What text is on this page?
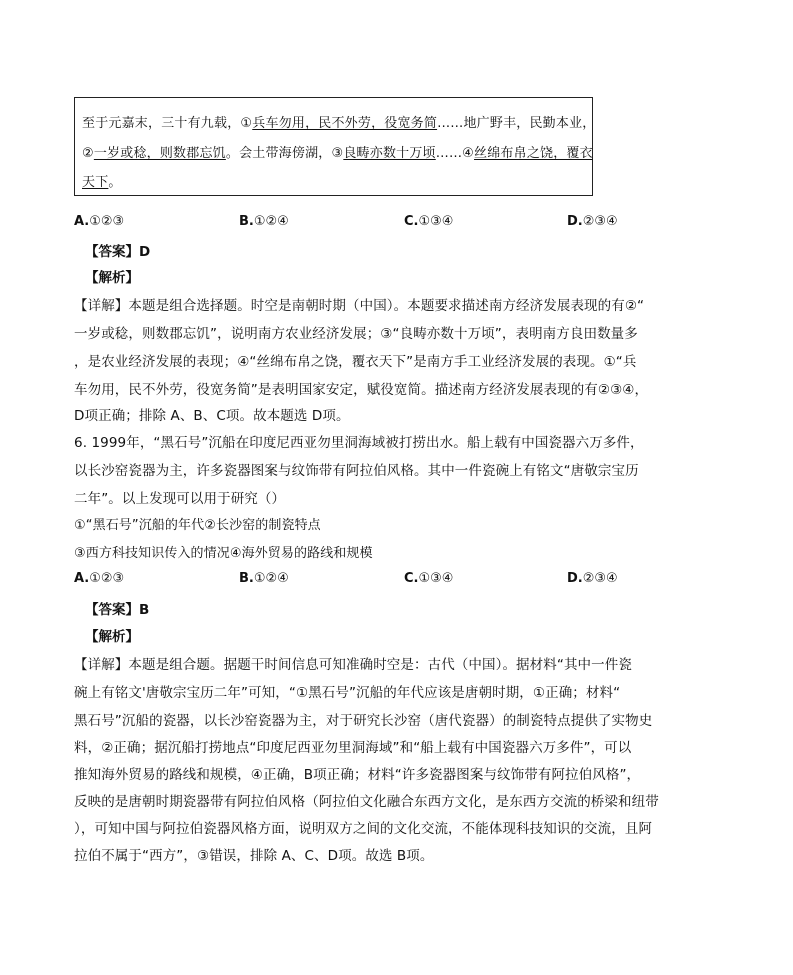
至于元嘉末，三十有九载，①兵车勿用，民不外劳，役宽务简……地广野丰，民勤本业，
②一岁或稔，则数郡忘饥。会土带海傍湖，③良畴亦数十万顷……④丝绵布帛之饶，覆衣
天下。
A.①②③	B.①②④	C.①③④	D.②③④
【答案】D
【解析】
【详解】本题是组合选择题。时空是南朝时期（中国）。本题要求描述南方经济发展表现的有②“
一岁或稔，则数郡忘饥”，说明南方农业经济发展；③“良畴亦数十万顷”，表明南方良田数量多
，是农业经济发展的表现；④“丝绵布帛之饶，覆衣天下”是南方手工业经济发展的表现。①“兵
车勿用，民不外劳，役宽务简”是表明国家安定，赋役宽简。描述南方经济发展表现的有②③④，
D项正确；排除 A、B、C项。故本题选 D项。
6. 1999年，“黑石号”沉船在印度尼西亚勿里洞海域被打捞出水。船上载有中国瓷器六万多件，
以长沙窑瓷器为主，许多瓷器图案与纹饰带有阿拉伯风格。其中一件瓷碗上有铭文“唐敬宗宝历
二年”。以上发现可以用于研究（）
①“黑石号”沉船的年代②长沙窑的制瓷特点
③西方科技知识传入的情况④海外贸易的路线和规模
A.①②③	B.①②④	C.①③④	D.②③④
【答案】B
【解析】
【详解】本题是组合题。据题干时间信息可知准确时空是：古代（中国）。据材料“其中一件瓷
碗上有铭文'唐敬宗宝历二年”可知，“①黑石号”沉船的年代应该是唐朝时期，①正确；材料“
黑石号”沉船的瓷器，以长沙窑瓷器为主，对于研究长沙窑（唐代瓷器）的制瓷特点提供了实物史
料，②正确；据沉船打捞地点“印度尼西亚勿里洞海域”和“船上载有中国瓷器六万多件”，可以
推知海外贸易的路线和规模，④正确，B项正确；材料“许多瓷器图案与纹饰带有阿拉伯风格”，
反映的是唐朝时期瓷器带有阿拉伯风格（阿拉伯文化融合东西方文化，是东西方交流的桥梁和纽带
），可知中国与阿拉伯瓷器风格方面，说明双方之间的文化交流，不能体现科技知识的交流，且阿
拉伯不属于“西方”，③错误，排除 A、C、D项。故选 B项。
